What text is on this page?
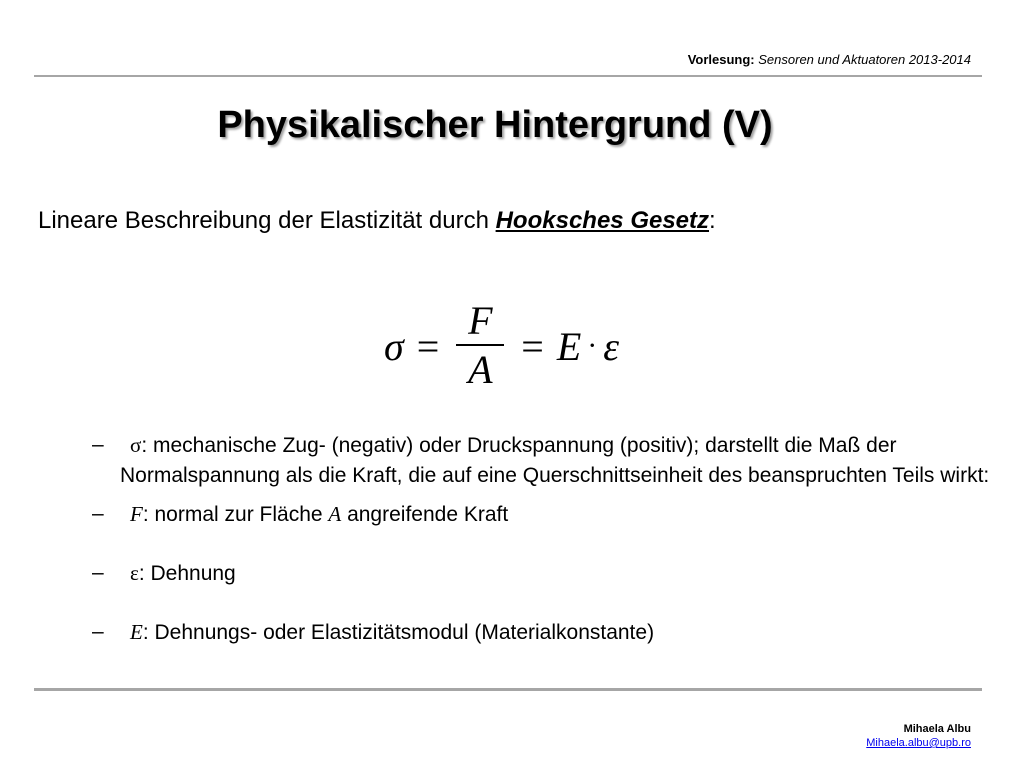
Vorlesung: Sensoren und Aktuatoren 2013-2014
Physikalischer Hintergrund (V)
Lineare Beschreibung der Elastizität durch Hooksches Gesetz:
$\sigma = \frac{F}{A} = E \cdot \varepsilon$
– σ: mechanische Zug- (negativ) oder Druckspannung (positiv); darstellt die Maß der Normalspannung als die Kraft, die auf eine Querschnittseinheit des beanspruchten Teils wirkt:
– F: normal zur Fläche A angreifende Kraft
– ε: Dehnung
– E: Dehnungs- oder Elastizitätsmodul (Materialkonstante)
Mihaela Albu
Mihaela.albu@upb.ro
